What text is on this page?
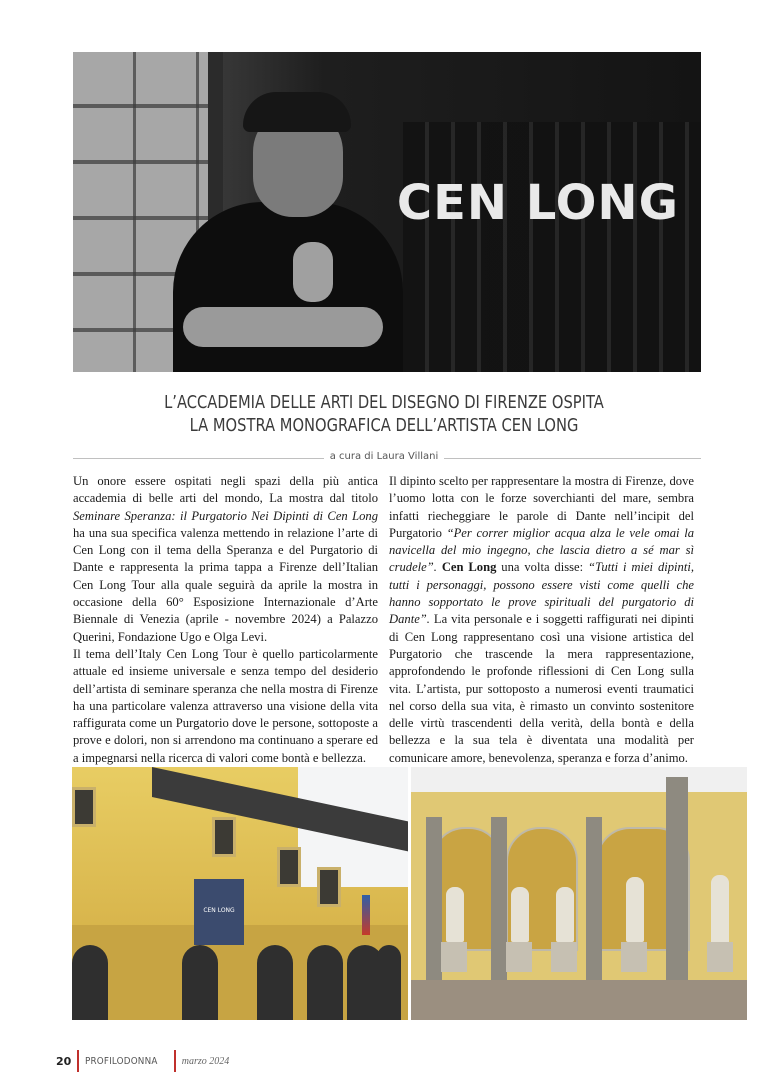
CEN LONG
L’ACCADEMIA DELLE ARTI DEL DISEGNO DI FIRENZE OSPITA
LA MOSTRA MONOGRAFICA DELL’ARTISTA CEN LONG
a cura di Laura Villani

Un onore essere ospitati negli spazi della più antica accademia di belle arti del mondo, La mostra dal titolo Seminare Speranza: il Purgatorio Nei Dipinti di Cen Long ha una sua specifica valenza mettendo in relazione l’arte di Cen Long con il tema della Speranza e del Purgatorio di Dante e rappresenta la prima tappa a Firenze dell’Italian Cen Long Tour alla quale seguirà da aprile la mostra in occasione della 60° Esposizione Internazionale d’Arte Biennale di Venezia (aprile - novembre 2024) a Palazzo Querini, Fondazione Ugo e Olga Levi.

Il tema dell’Italy Cen Long Tour è quello particolarmente attuale ed insieme universale e senza tempo del desiderio dell’artista di seminare speranza che nella mostra di Firenze ha una particolare valenza attraverso una visione della vita raffigurata come un Purgatorio dove le persone, sottoposte a prove e dolori, non si arrendono ma continuano a sperare ed a impegnarsi nella ricerca di valori come bontà e bellezza.

Il dipinto scelto per rappresentare la mostra di Firenze, dove l’uomo lotta con le forze soverchianti del mare, sembra infatti riecheggiare le parole di Dante nell’incipit del Purgatorio “Per correr miglior acqua alza le vele omai la navicella del mio ingegno, che lascia dietro a sé mar sì crudele”. Cen Long una volta disse: “Tutti i miei dipinti, tutti i personaggi, possono essere visti come quelli che hanno sopportato le prove spirituali del purgatorio di Dante”. La vita personale e i soggetti raffigurati nei dipinti di Cen Long rappresentano così una visione artistica del Purgatorio che trascende la mera rappresentazione, approfondendo le profonde riflessioni di Cen Long sulla vita. L’artista, pur sottoposto a numerosi eventi traumatici nel corso della sua vita, è rimasto un convinto sostenitore delle virtù trascendenti della verità, della bontà e della bellezza e la sua tela è diventata una modalità per comunicare amore, benevolenza, speranza e forza d’animo.

CEN LONG
20 PROFILODONNA marzo 2024
